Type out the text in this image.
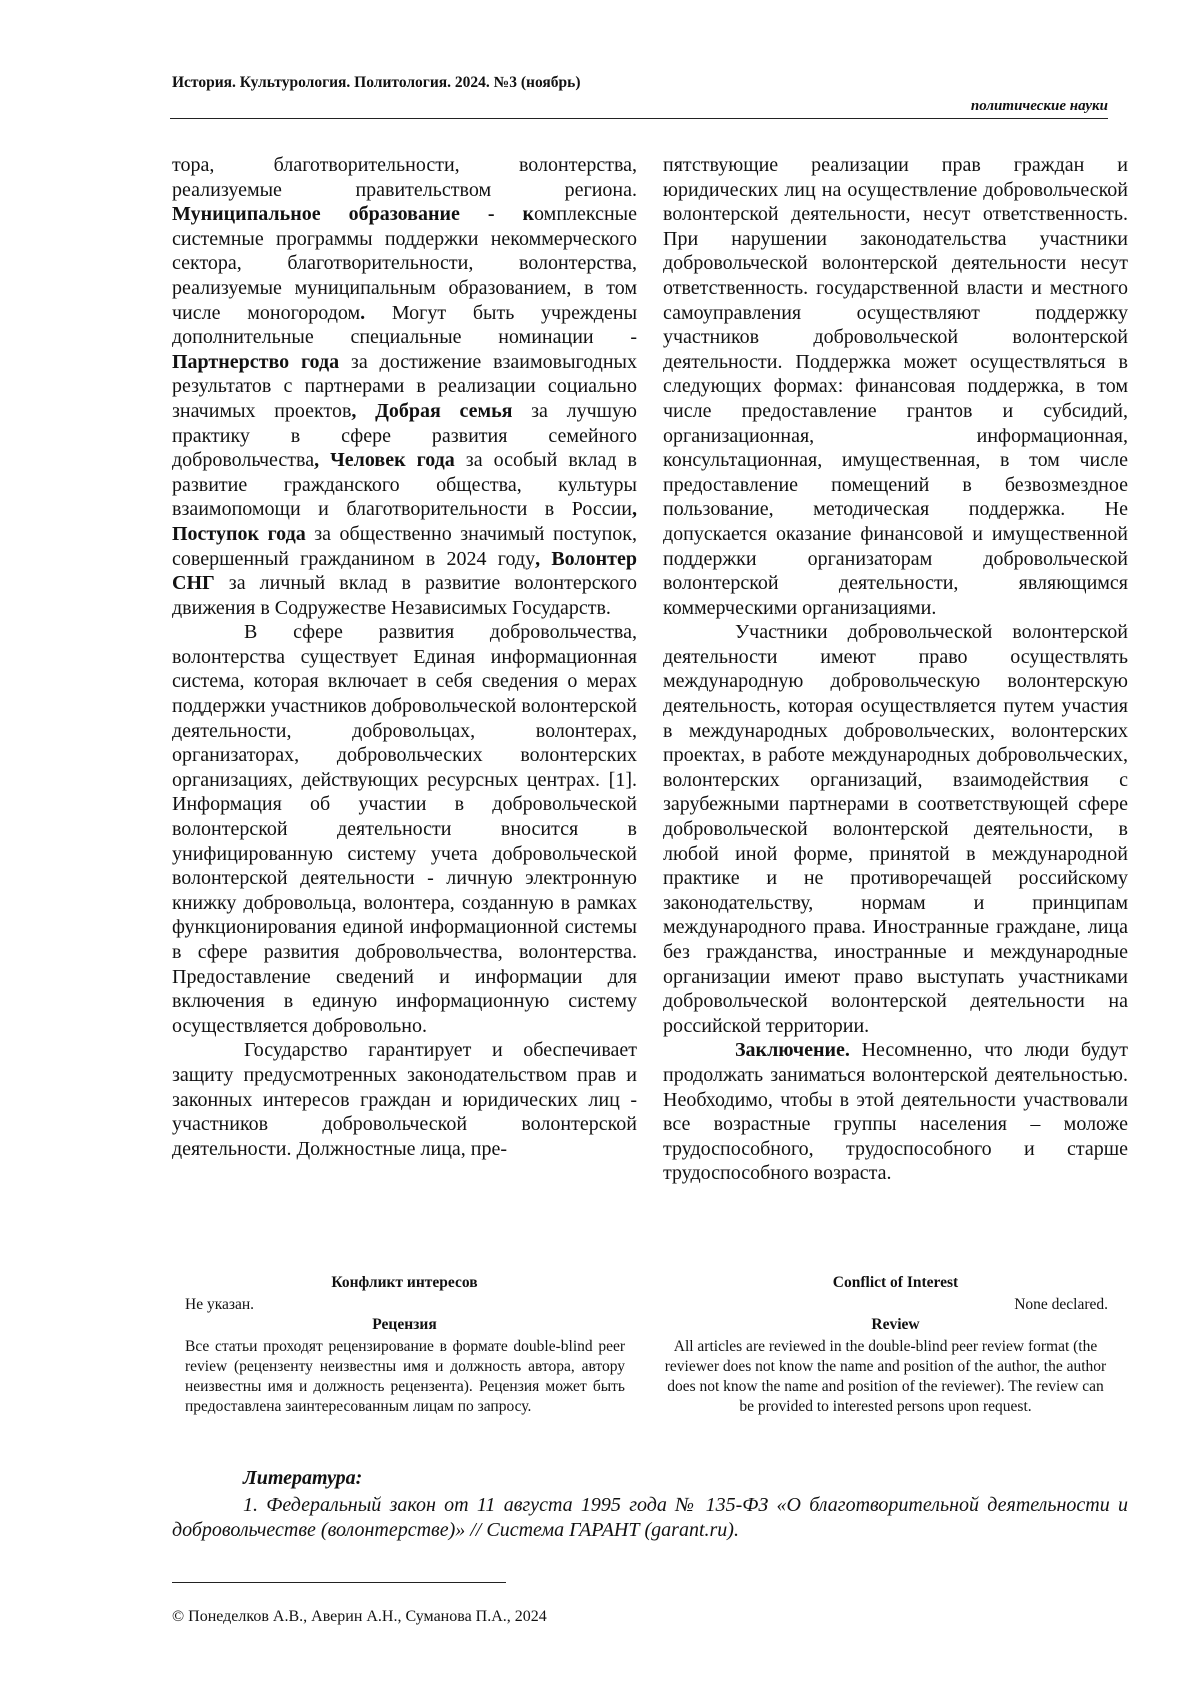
История. Культурология. Политология. 2024. №3 (ноябрь)
политические науки

тора, благотворительности, волонтерства, реализуемые правительством региона. Муниципальное образование - комплексные системные программы поддержки некоммерческого сектора, благотворительности, волонтерства, реализуемые муниципальным образованием, в том числе моногородом. Могут быть учреждены дополнительные специальные номинации - Партнерство года за достижение взаимовыгодных результатов с партнерами в реализации социально значимых проектов, Добрая семья за лучшую практику в сфере развития семейного добровольчества, Человек года за особый вклад в развитие гражданского общества, культуры взаимопомощи и благотворительности в России, Поступок года за общественно значимый поступок, совершенный гражданином в 2024 году, Волонтер СНГ за личный вклад в развитие волонтерского движения в Содружестве Независимых Государств.

В сфере развития добровольчества, волонтерства существует Единая информационная система, которая включает в себя сведения о мерах поддержки участников добровольческой волонтерской деятельности, добровольцах, волонтерах, организаторах, добровольческих волонтерских организациях, действующих ресурсных центрах. [1]. Информация об участии в добровольческой волонтерской деятельности вносится в унифицированную систему учета добровольческой волонтерской деятельности - личную электронную книжку добровольца, волонтера, созданную в рамках функционирования единой информационной системы в сфере развития добровольчества, волонтерства. Предоставление сведений и информации для включения в единую информационную систему осуществляется добровольно.

Государство гарантирует и обеспечивает защиту предусмотренных законодательством прав и законных интересов граждан и юридических лиц - участников добровольческой волонтерской деятельности. Должностные лица, пре-

пятствующие реализации прав граждан и юридических лиц на осуществление добровольческой волонтерской деятельности, несут ответственность. При нарушении законодательства участники добровольческой волонтерской деятельности несут ответственность. государственной власти и местного самоуправления осуществляют поддержку участников добровольческой волонтерской деятельности. Поддержка может осуществляться в следующих формах: финансовая поддержка, в том числе предоставление грантов и субсидий, организационная, информационная, консультационная, имущественная, в том числе предоставление помещений в безвозмездное пользование, методическая поддержка. Не допускается оказание финансовой и имущественной поддержки организаторам добровольческой волонтерской деятельности, являющимся коммерческими организациями.

Участники добровольческой волонтерской деятельности имеют право осуществлять международную добровольческую волонтерскую деятельность, которая осуществляется путем участия в международных добровольческих, волонтерских проектах, в работе международных добровольческих, волонтерских организаций, взаимодействия с зарубежными партнерами в соответствующей сфере добровольческой волонтерской деятельности, в любой иной форме, принятой в международной практике и не противоречащей российскому законодательству, нормам и принципам международного права. Иностранные граждане, лица без гражданства, иностранные и международные организации имеют право выступать участниками добровольческой волонтерской деятельности на российской территории.

Заключение. Несомненно, что люди будут продолжать заниматься волонтерской деятельностью. Необходимо, чтобы в этой деятельности участвовали все возрастные группы населения – моложе трудоспособного, трудоспособного и старше трудоспособного возраста.

Конфликт интересов
Не указан.
Рецензия
Все статьи проходят рецензирование в формате double-blind peer review (рецензенту неизвестны имя и должность автора, автору неизвестны имя и должность рецензента). Рецензия может быть предоставлена заинтересованным лицам по запросу.
Conflict of Interest
None declared.
Review
All articles are reviewed in the double-blind peer review format (the reviewer does not know the name and position of the author, the author does not know the name and position of the reviewer). The review can be provided to interested persons upon request.
Литература:
1. Федеральный закон от 11 августа 1995 года № 135-ФЗ «О благотворительной деятельности и добровольчестве (волонтерстве)» // Система ГАРАНТ (garant.ru).
© Понеделков А.В., Аверин А.Н., Суманова П.А., 2024
